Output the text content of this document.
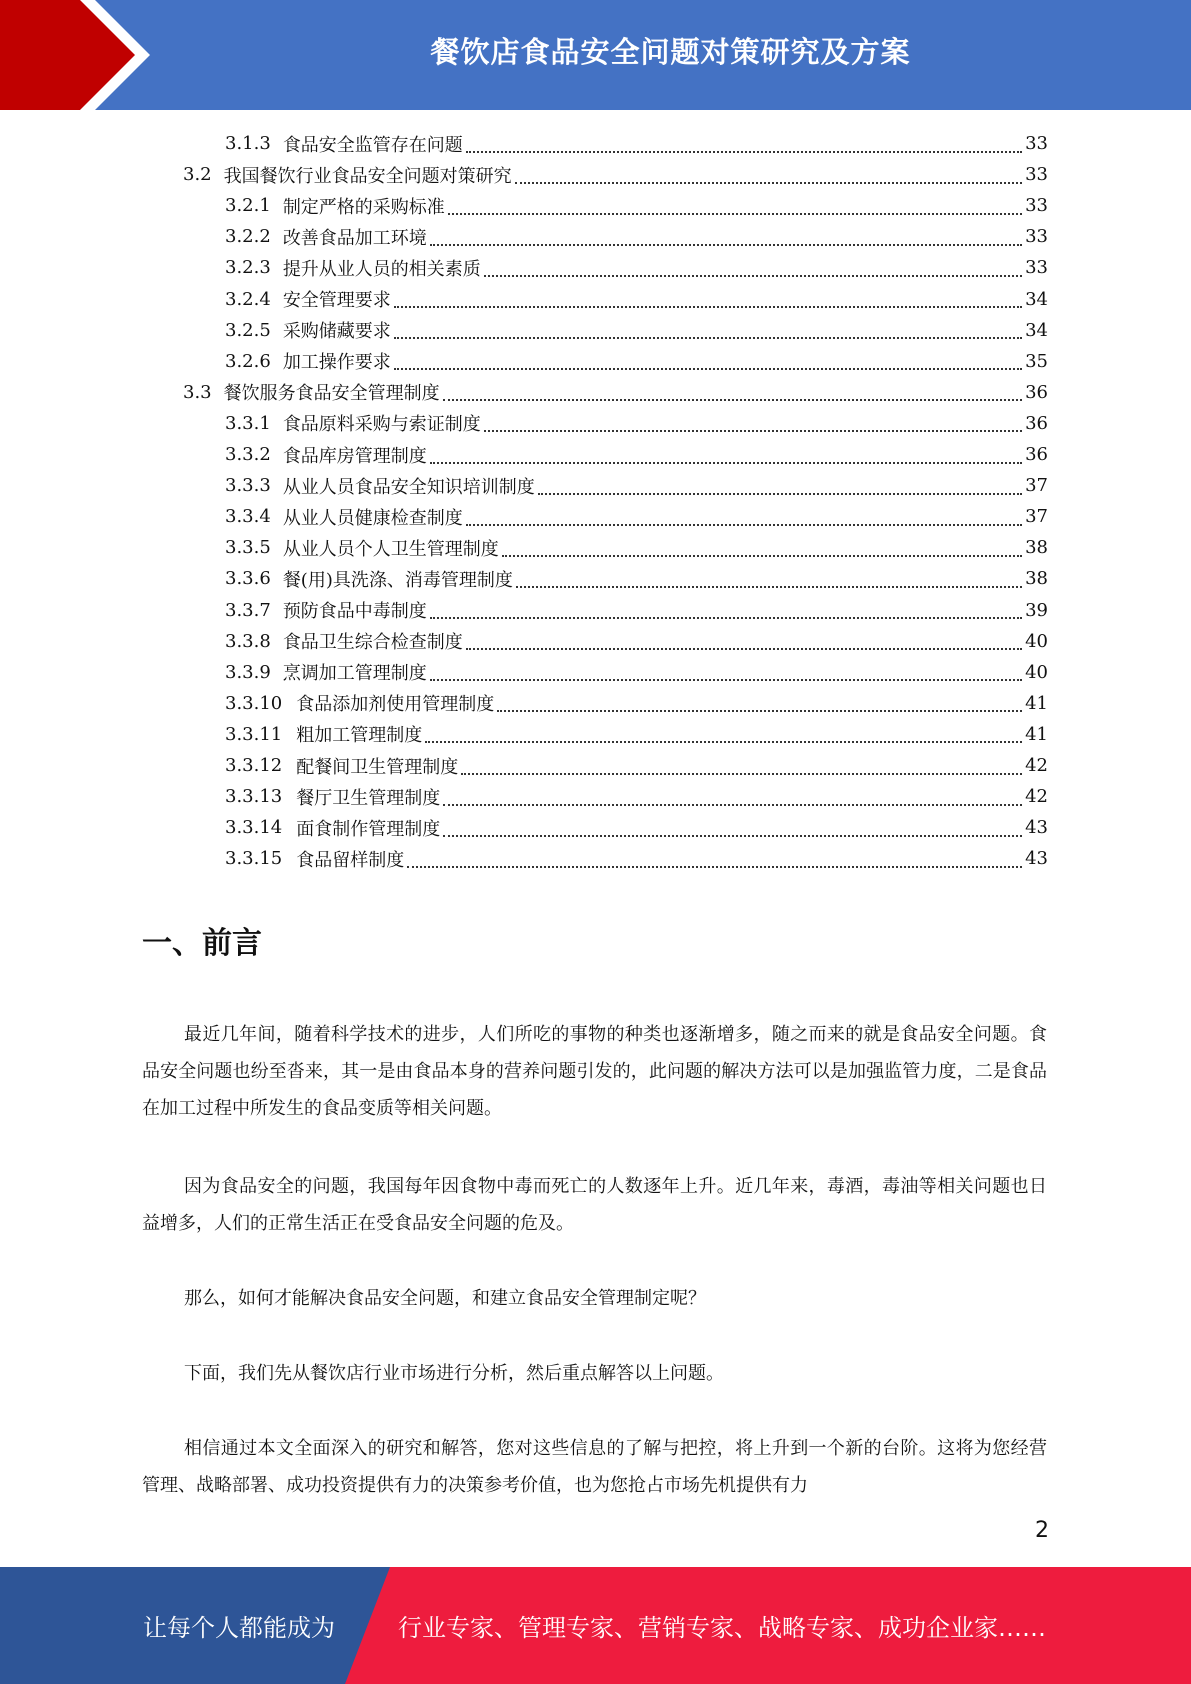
餐饮店食品安全问题对策研究及方案
3.1.3 食品安全监管存在问题	33
3.2 我国餐饮行业食品安全问题对策研究	33
3.2.1 制定严格的采购标准	33
3.2.2 改善食品加工环境	33
3.2.3 提升从业人员的相关素质	33
3.2.4 安全管理要求	34
3.2.5 采购储藏要求	34
3.2.6 加工操作要求	35
3.3 餐饮服务食品安全管理制度	36
3.3.1 食品原料采购与索证制度	36
3.3.2 食品库房管理制度	36
3.3.3 从业人员食品安全知识培训制度	37
3.3.4 从业人员健康检查制度	37
3.3.5 从业人员个人卫生管理制度	38
3.3.6 餐(用)具洗涤、消毒管理制度	38
3.3.7 预防食品中毒制度	39
3.3.8 食品卫生综合检查制度	40
3.3.9 烹调加工管理制度	40
3.3.10 食品添加剂使用管理制度	41
3.3.11 粗加工管理制度	41
3.3.12 配餐间卫生管理制度	42
3.3.13 餐厅卫生管理制度	42
3.3.14 面食制作管理制度	43
3.3.15 食品留样制度	43
一、前言

最近几年间，随着科学技术的进步，人们所吃的事物的种类也逐渐增多，随之而来的就是食品安全问题。食品安全问题也纷至沓来，其一是由食品本身的营养问题引发的，此问题的解决方法可以是加强监管力度，二是食品在加工过程中所发生的食品变质等相关问题。

因为食品安全的问题，我国每年因食物中毒而死亡的人数逐年上升。近几年来，毒酒，毒油等相关问题也日益增多，人们的正常生活正在受食品安全问题的危及。

那么，如何才能解决食品安全问题，和建立食品安全管理制定呢？

下面，我们先从餐饮店行业市场进行分析，然后重点解答以上问题。

相信通过本文全面深入的研究和解答，您对这些信息的了解与把控，将上升到一个新的台阶。这将为您经营管理、战略部署、成功投资提供有力的决策参考价值，也为您抢占市场先机提供有力

2
让每个人都能成为	行业专家、管理专家、营销专家、战略专家、成功企业家……
